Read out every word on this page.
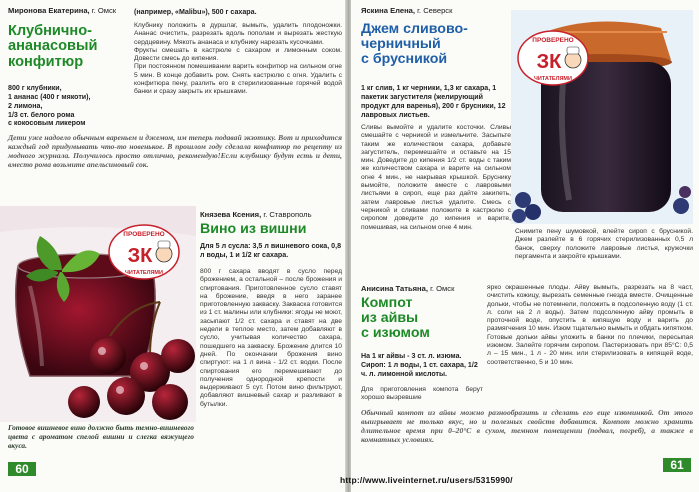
Миронова Екатерина, г. Омск
Клубнично-
ананасовый
конфитюр
800 г клубники,
1 ананас (400 г мякоти),
2 лимона,
1/3 ст. белого рома
с кокосовым ликером
(например, «Malibu»), 500 г сахара.

Клубнику положить в дуршлаг, вымыть, удалить плодоножки. Ананас очистить, разрезать вдоль пополам и вырезать жесткую сердцевину. Мякоть ананаса и клубнику нарезать кусочками.

Фрукты смешать в кастрюле с сахаром и лимонным соком. Довести смесь до кипения.

При постоянном помешивании варить конфитюр на сильном огне 5 мин. В конце добавить ром. Снять кастрюлю с огня. Удалить с конфитюра пену, разлить его в стерилизованные горячей водой банки и сразу закрыть их крышками.

Дети уже надоело обычным вареньем и джемом, им теперь подавай экзотику. Вот и приходится каждый год придумывать что-то новенькое. В прошлом году сделала конфитюр по рецепту из модного журнала. Получилось просто отлично, рекомендую!Если клубнику будут есть и дети, вместо рома возьмите апельсиновый сок.
ПРОВЕРЕНО
ЗК
ЧИТАТЕЛЯМИ
Князева Ксения, г. Ставрополь
Вино из вишни
Для 5 л сусла: 3,5 л вишневого сока, 0,8 л воды, 1 и 1/2 кг сахара.
800 г сахара вводят в сусло перед брожением, а остальной – после брожения и спиртования. Приготовленное сусло ставят на брожение, введя в него заранее приготовленную закваску. Закваска готовится из 1 ст. малины или клубники: ягоды не моют, засыпают 1/2 ст. сахара и ставят на две недели в теплое место, затем добавляют в сусло, учитывая количество сахара, пошедшего на закваску. Брожение длится 10 дней. По окончании брожения вино спиртуют: на 1 л вина - 1/2 ст. водки. После спиртования его перемешивают до получения однородной крепости и выдерживают 5 сут. Потом вино фильтруют, добавляют вишневый сахар и разливают в бутылки.
Готовое вишневое вино должно быть темно-вишневого цвета с ароматом спелой вишни и слегка вяжущего вкуса.
60
Яскина Елена, г. Северск
Джем сливово-
черничный
с брусникой
1 кг слив, 1 кг черники, 1,3 кг сахара, 1 пакетик загустителя (желирующий продукт для варенья), 200 г брусники, 12 лавровых листьев.
Сливы вымойте и удалите косточки. Сливы смешайте с черникой и измельчите. Засыпьте таким же количеством сахара, добавьте загуститель, перемешайте и оставьте на 15 мин. Доведите до кипения 1/2 ст. воды с таким же количеством сахара и варите на сильном огне 4 мин., не накрывая крышкой. Бруснику вымойте, положите вместе с лавровыми листьями в сироп, еще раз дайте закипеть, затем лавровые листья удалите. Смесь с черникой и сливами положите в кастрюлю с сиропом доведите до кипения и варите, помешивая, на сильном огне 4 мин.
ПРОВЕРЕНО
ЗК
ЧИТАТЕЛЯМИ
Снимите пену шумовкой, влейте сироп с брусникой. Джем разлейте в 6 горячих стерилизованных 0,5 л банок, сверху положите лавровые листья, кружочки пергамента и закройте крышками.
Анисина Татьяна, г. Омск
Компот
из айвы
с изюмом
На 1 кг айвы - 3 ст. л. изюма. Сироп: 1 л воды, 1 ст. сахара, 1/2 ч. л. лимонной кислоты.
Для приготовления компота берут хорошо вызревшие
ярко окрашенные плоды. Айву вымыть, разрезать на 8 част, очистить кожицу, вырезать семенные гнезда вместе. Очищенные дольки, чтобы не потемнели, положить в подсоленную воду (1 ст. л. соли на 2 л воды). Затем подсоленную айву промыть в проточной воде, опустить в кипящую воду и варить до размягчения 10 мин. Изюм тщательно вымыть и обдать кипятком. Готовые дольки айвы уложить в банки по плечики, пересыпая изюмом. Залейте горячим сиропом. Пастеризовать при 85°С: 0,5 л – 15 мин., 1 л - 20 мин. или стерилизовать в кипящей воде, соответственно, 5 и 10 мин.
Обычный компот из айвы можно разнообразить и сделать его еще изюминкой. От этого выигрывает не только вкус, но и полезных свойств добавится. Компот можно хранить длительное время при 0–20°С в сухом, темном помещении (подвал, погреб), а также в комнатных условиях.
61
http://www.liveinternet.ru/users/5315990/
